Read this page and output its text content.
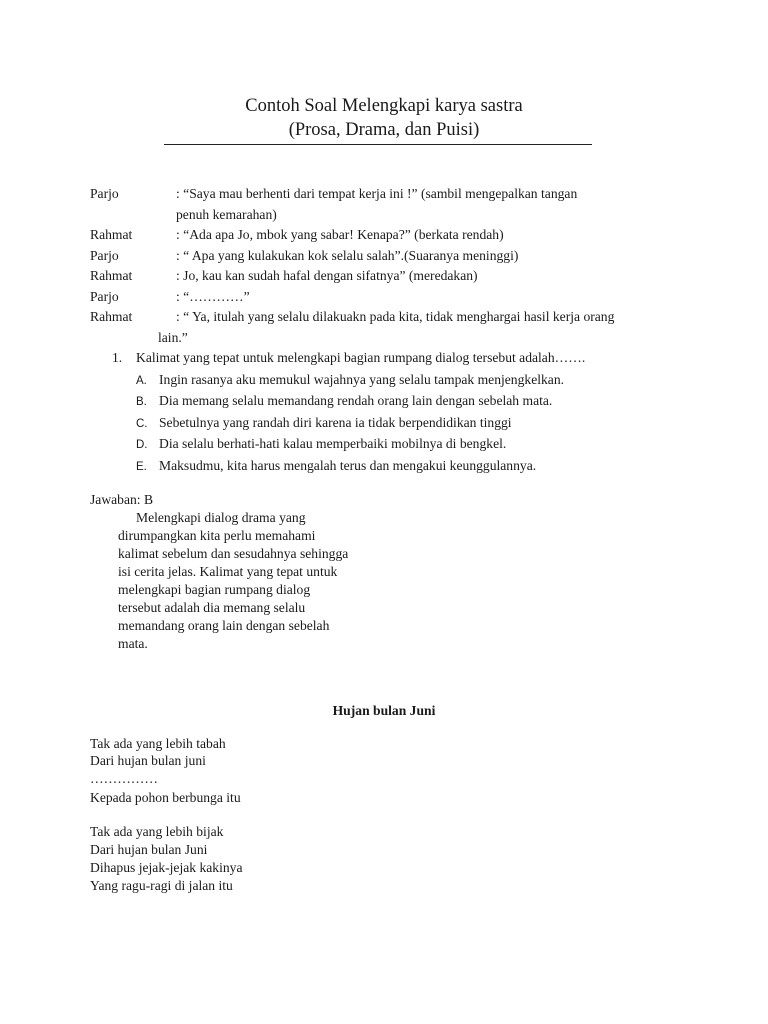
Contoh Soal Melengkapi karya sastra
(Prosa, Drama, dan Puisi)
Parjo	: “Saya mau berhenti dari tempat kerja ini !” (sambil mengepalkan tangan
penuh kemarahan)
Rahmat	: “Ada apa Jo, mbok yang sabar! Kenapa?” (berkata rendah)
Parjo	: “ Apa yang kulakukan kok selalu salah”.(Suaranya meninggi)
Rahmat	: Jo, kau kan sudah hafal dengan sifatnya” (meredakan)
Parjo	: “…………”
Rahmat	: “ Ya, itulah yang selalu dilakuakn pada kita, tidak menghargai hasil kerja orang
lain.”
1. Kalimat yang tepat untuk melengkapi bagian rumpang dialog tersebut adalah…….
A. Ingin rasanya aku memukul wajahnya yang selalu tampak menjengkelkan.
B. Dia memang selalu memandang rendah orang lain dengan sebelah mata.
C. Sebetulnya yang randah diri karena ia tidak berpendidikan tinggi
D. Dia selalu berhati-hati kalau memperbaiki mobilnya di bengkel.
E. Maksudmu, kita harus mengalah terus dan mengakui keunggulannya.
Jawaban: B
Melengkapi dialog drama yang
dirumpangkan kita perlu memahami
kalimat sebelum dan sesudahnya sehingga
isi cerita jelas. Kalimat yang tepat untuk
melengkapi bagian rumpang dialog
tersebut adalah dia memang selalu
memandang orang lain dengan sebelah
mata.
Hujan bulan Juni
Tak ada yang lebih tabah
Dari hujan bulan juni
……………
Kepada pohon berbunga itu
Tak ada yang lebih bijak
Dari hujan bulan Juni
Dihapus jejak-jejak kakinya
Yang ragu-ragi di jalan itu
